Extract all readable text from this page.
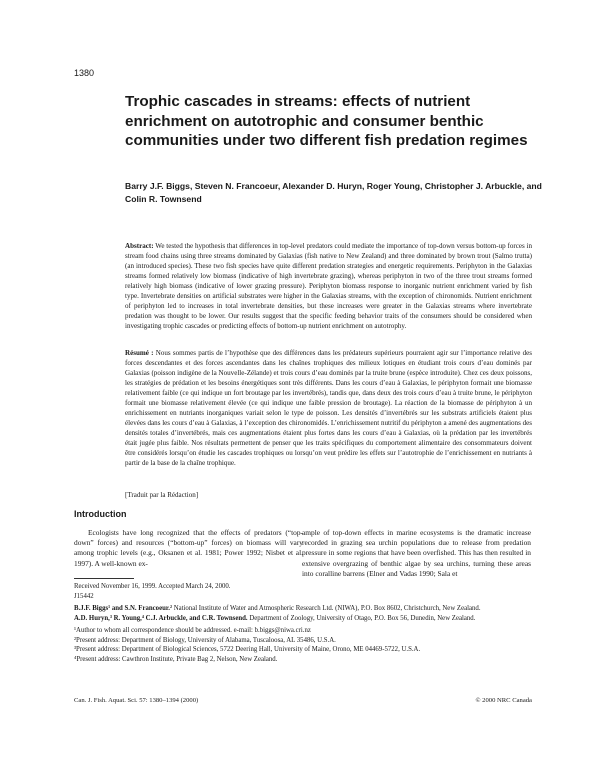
1380
Trophic cascades in streams: effects of nutrient enrichment on autotrophic and consumer benthic communities under two different fish predation regimes
Barry J.F. Biggs, Steven N. Francoeur, Alexander D. Huryn, Roger Young, Christopher J. Arbuckle, and Colin R. Townsend

Abstract: We tested the hypothesis that differences in top-level predators could mediate the importance of top-down versus bottom-up forces in stream food chains using three streams dominated by Galaxias (fish native to New Zealand) and three dominated by brown trout (Salmo trutta) (an introduced species). These two fish species have quite different predation strategies and energetic requirements. Periphyton in the Galaxias streams formed relatively low biomass (indicative of high invertebrate grazing), whereas periphyton in two of the three trout streams formed relatively high biomass (indicative of lower grazing pressure). Periphyton biomass response to inorganic nutrient enrichment varied by fish type. Invertebrate densities on artificial substrates were higher in the Galaxias streams, with the exception of chironomids. Nutrient enrichment of periphyton led to increases in total invertebrate densities, but these increases were greater in the Galaxias streams where invertebrate predation was thought to be lower. Our results suggest that the specific feeding behavior traits of the consumers should be considered when investigating trophic cascades or predicting effects of bottom-up nutrient enrichment on autotrophy.

Résumé : Nous sommes partis de l’hypothèse que des différences dans les prédateurs supérieurs pourraient agir sur l’importance relative des forces descendantes et des forces ascendantes dans les chaînes trophiques des milieux lotiques en étudiant trois cours d’eau dominés par Galaxias (poisson indigène de la Nouvelle-Zélande) et trois cours d’eau dominés par la truite brune (espèce introduite). Chez ces deux poissons, les stratégies de prédation et les besoins énergétiques sont très différents. Dans les cours d’eau à Galaxias, le périphyton formait une biomasse relativement faible (ce qui indique un fort broutage par les invertébrés), tandis que, dans deux des trois cours d’eau à truite brune, le périphyton formait une biomasse relativement élevée (ce qui indique une faible pression de broutage). La réaction de la biomasse de périphyton à un enrichissement en nutriants inorganiques variait selon le type de poisson. Les densités d’invertébrés sur les substrats artificiels étaient plus élevées dans les cours d’eau à Galaxias, à l’exception des chironomidés. L’enrichissement nutritif du périphyton a amené des augmentations des densités totales d’invertébrés, mais ces augmentations étaient plus fortes dans les cours d’eau à Galaxias, où la prédation par les invertébrés était jugée plus faible. Nos résultats permettent de penser que les traits spécifiques du comportement alimentaire des consommateurs doivent être considérés lorsqu’on étudie les cascades trophiques ou lorsqu’on veut prédire les effets sur l’autotrophie de l’enrichissement en nutriants à partir de la base de la chaîne trophique.

[Traduit par la Rédaction]
Introduction

Ecologists have long recognized that the effects of predators (“top-down” forces) and resources (“bottom-up” forces) on biomass will vary among trophic levels (e.g., Oksanen et al. 1981; Power 1992; Nisbet et al. 1997). A well-known ex-

ample of top-down effects in marine ecosystems is the dramatic increase recorded in grazing sea urchin populations due to release from predation pressure in some regions that have been overfished. This has then resulted in extensive overgrazing of benthic algae by sea urchins, turning these areas into coralline barrens (Elner and Vadas 1990; Sala et

Received November 16, 1999. Accepted March 24, 2000.

J15442

B.J.F. Biggs¹ and S.N. Francoeur.² National Institute of Water and Atmospheric Research Ltd. (NIWA), P.O. Box 8602, Christchurch, New Zealand.

A.D. Huryn,³ R. Young,⁴ C.J. Arbuckle, and C.R. Townsend. Department of Zoology, University of Otago, P.O. Box 56, Dunedin, New Zealand.

¹Author to whom all correspondence should be addressed. e-mail: b.biggs@niwa.cri.nz

²Present address: Department of Biology, University of Alabama, Tuscaloosa, AL 35486, U.S.A.

³Present address: Department of Biological Sciences, 5722 Deering Hall, University of Maine, Orono, ME 04469-5722, U.S.A.

⁴Present address: Cawthron Institute, Private Bag 2, Nelson, New Zealand.

Can. J. Fish. Aquat. Sci. 57: 1380–1394 (2000)	© 2000 NRC Canada
